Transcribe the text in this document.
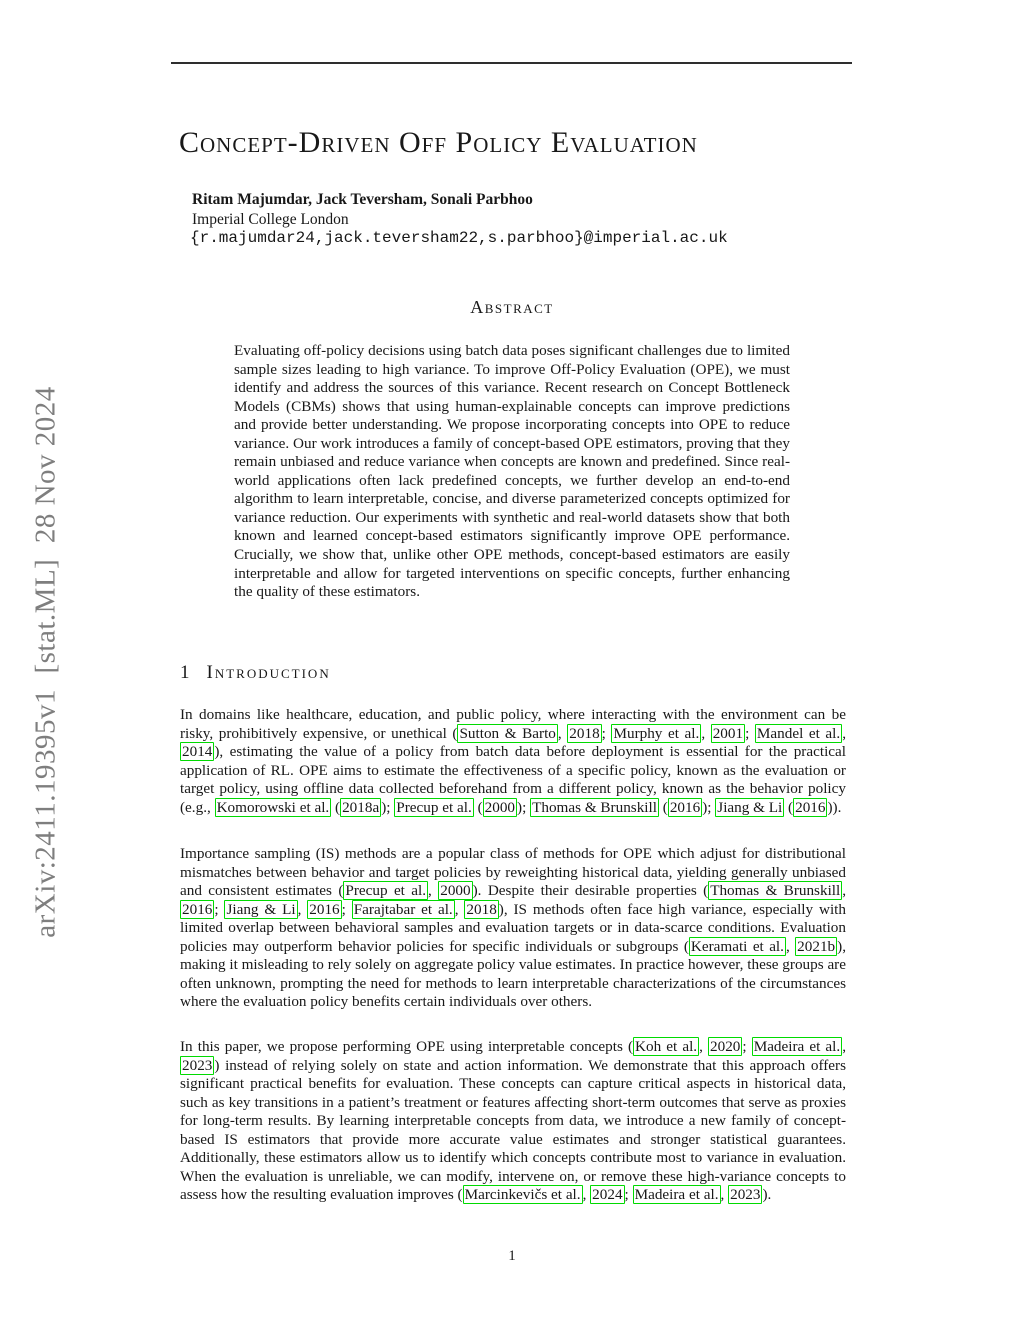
arXiv:2411.19395v1  [stat.ML]  28 Nov 2024
Concept-Driven Off Policy Evaluation
Ritam Majumdar, Jack Teversham, Sonali Parbhoo
Imperial College London
{r.majumdar24,jack.teversham22,s.parbhoo}@imperial.ac.uk
Abstract

Evaluating off-policy decisions using batch data poses significant challenges due to limited sample sizes leading to high variance. To improve Off-Policy Evaluation (OPE), we must identify and address the sources of this variance. Recent research on Concept Bottleneck Models (CBMs) shows that using human-explainable concepts can improve predictions and provide better understanding. We propose incorporating concepts into OPE to reduce variance. Our work introduces a family of concept-based OPE estimators, proving that they remain unbiased and reduce variance when concepts are known and predefined. Since real-world applications often lack predefined concepts, we further develop an end-to-end algorithm to learn interpretable, concise, and diverse parameterized concepts optimized for variance reduction. Our experiments with synthetic and real-world datasets show that both known and learned concept-based estimators significantly improve OPE performance. Crucially, we show that, unlike other OPE methods, concept-based estimators are easily interpretable and allow for targeted interventions on specific concepts, further enhancing the quality of these estimators.

1 Introduction

In domains like healthcare, education, and public policy, where interacting with the environment can be risky, prohibitively expensive, or unethical ( Sutton & Barto , 2018 ; Murphy et al. , 2001 ; Mandel et al. , 2014 ), estimating the value of a policy from batch data before deployment is essential for the practical application of RL. OPE aims to estimate the effectiveness of a specific policy, known as the evaluation or target policy, using offline data collected beforehand from a different policy, known as the behavior policy (e.g., Komorowski et al. ( 2018a ); Precup et al. ( 2000 ); Thomas & Brunskill ( 2016 ); Jiang & Li ( 2016 )).

Importance sampling (IS) methods are a popular class of methods for OPE which adjust for distributional mismatches between behavior and target policies by reweighting historical data, yielding generally unbiased and consistent estimates ( Precup et al. , 2000 ). Despite their desirable properties ( Thomas & Brunskill , 2016 ; Jiang & Li , 2016 ; Farajtabar et al. , 2018 ), IS methods often face high variance, especially with limited overlap between behavioral samples and evaluation targets or in data-scarce conditions. Evaluation policies may outperform behavior policies for specific individuals or subgroups ( Keramati et al. , 2021b ), making it misleading to rely solely on aggregate policy value estimates. In practice however, these groups are often unknown, prompting the need for methods to learn interpretable characterizations of the circumstances where the evaluation policy benefits certain individuals over others.

In this paper, we propose performing OPE using interpretable concepts ( Koh et al. , 2020 ; Madeira et al. , 2023 ) instead of relying solely on state and action information. We demonstrate that this approach offers significant practical benefits for evaluation. These concepts can capture critical aspects in historical data, such as key transitions in a patient’s treatment or features affecting short-term outcomes that serve as proxies for long-term results. By learning interpretable concepts from data, we introduce a new family of concept-based IS estimators that provide more accurate value estimates and stronger statistical guarantees. Additionally, these estimators allow us to identify which concepts contribute most to variance in evaluation. When the evaluation is unreliable, we can modify, intervene on, or remove these high-variance concepts to assess how the resulting evaluation improves ( Marcinkevičs et al. , 2024 ; Madeira et al. , 2023 ).

1
